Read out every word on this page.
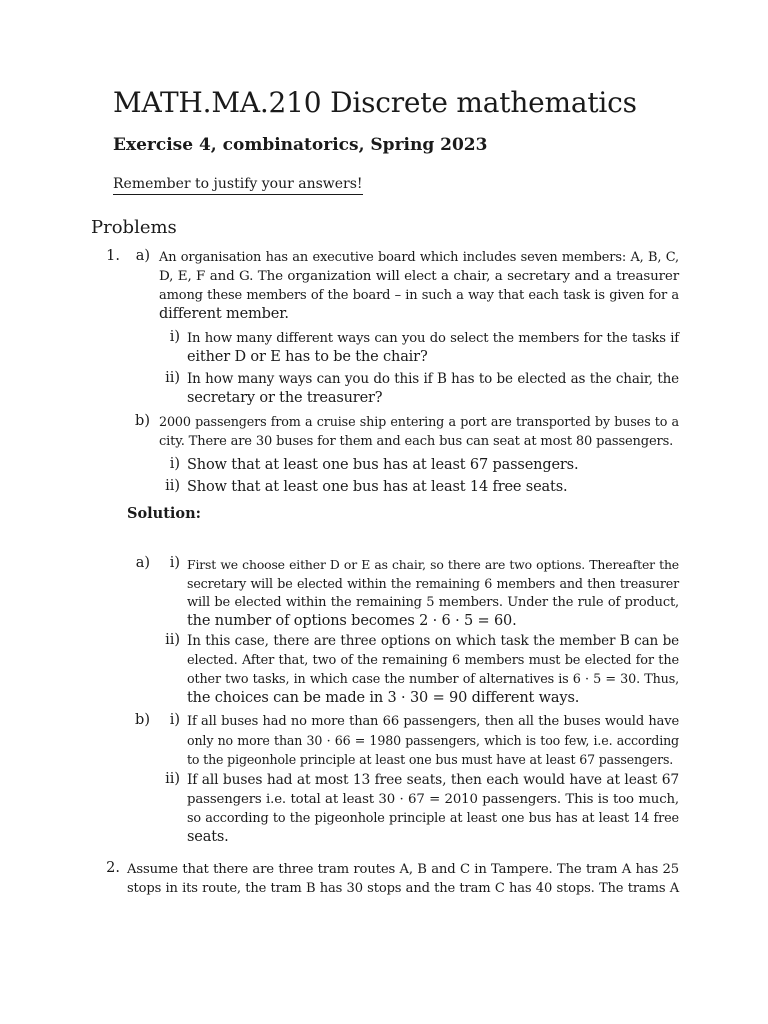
MATH.MA.210 Discrete mathematics
Exercise 4, combinatorics, Spring 2023
Remember to justify your answers!
Problems
1.	a) An organisation has an executive board which includes seven members: A, B, C,
D, E, F and G. The organization will elect a chair, a secretary and a treasurer
among these members of the board – in such a way that each task is given for a
different member.
i) In how many different ways can you do select the members for the tasks if
either D or E has to be the chair?
ii) In how many ways can you do this if B has to be elected as the chair, the
secretary or the treasurer?
b) 2000 passengers from a cruise ship entering a port are transported by buses to a
city. There are 30 buses for them and each bus can seat at most 80 passengers.
i) Show that at least one bus has at least 67 passengers.
ii) Show that at least one bus has at least 14 free seats.
Solution:
a)	i) First we choose either D or E as chair, so there are two options. Thereafter the
secretary will be elected within the remaining 6 members and then treasurer
will be elected within the remaining 5 members. Under the rule of product,
the number of options becomes 2 · 6 · 5 = 60.
ii) In this case, there are three options on which task the member B can be
elected. After that, two of the remaining 6 members must be elected for the
other two tasks, in which case the number of alternatives is 6 · 5 = 30. Thus,
the choices can be made in 3 · 30 = 90 different ways.
b)	i) If all buses had no more than 66 passengers, then all the buses would have
only no more than 30 · 66 = 1980 passengers, which is too few, i.e. according
to the pigeonhole principle at least one bus must have at least 67 passengers.
ii) If all buses had at most 13 free seats, then each would have at least 67
passengers i.e. total at least 30 · 67 = 2010 passengers. This is too much,
so according to the pigeonhole principle at least one bus has at least 14 free
seats.
2. Assume that there are three tram routes A, B and C in Tampere. The tram A has 25
stops in its route, the tram B has 30 stops and the tram C has 40 stops. The trams A
